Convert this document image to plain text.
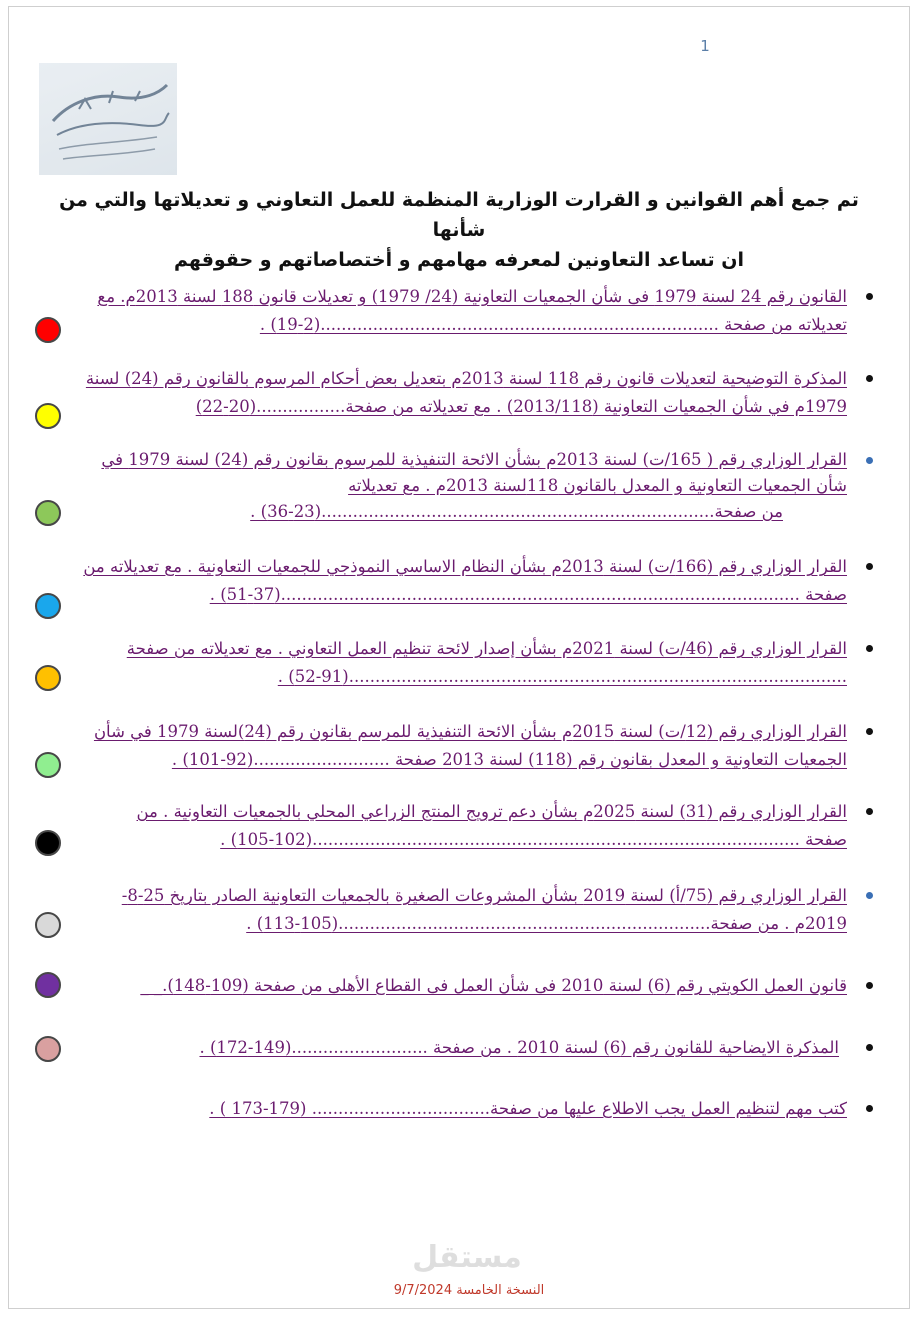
1
تم جمع أهم القوانين و القرارت الوزارية المنظمة للعمل التعاوني و تعديلاتها والتي من شأنها
ان تساعد التعاونين لمعرفه مهامهم و أختصاصاتهم و حقوقهم
القانون رقم 24 لسنة 1979 فى شأن الجمعيات التعاونية (24/ 1979) و تعديلات قانون 188 لسنة 2013م. مع
تعديلاته من صفحة ............................................................................(2-19) .
المذكرة التوضيحية لتعديلات قانون رقم 118 لسنة 2013م بتعديل بعض أحكام المرسوم بالقانون رقم (24) لسنة
1979م في شأن الجمعيات التعاونية (2013/118) . مع تعديلاته من صفحة.................(20-22)
القرار الوزاري رقم ( 165/ت) لسنة 2013م بشأن الائحة التنفيذية للمرسوم بقانون رقم (24) لسنة 1979 في
شأن الجمعيات التعاونية و المعدل بالقانون 118لسنة 2013م . مع تعديلاته
من صفحة...........................................................................(23-36) .
القرار الوزاري رقم (166/ت) لسنة 2013م بشأن النظام الاساسي النموذجي للجمعيات التعاونية . مع تعديلاته من
صفحة ...................................................................................................(37-51) .
القرار الوزاري رقم (46/ت) لسنة 2021م بشأن إصدار لائحة تنظيم العمل التعاوني . مع تعديلاته من صفحة
...............................................................................................(52-91) .
القرار الوزاري رقم (12/ت) لسنة 2015م بشأن الائحة التنفيذية للمرسم بقانون رقم (24)لسنة 1979 في شأن
الجمعيات التعاونية و المعدل بقانون رقم (118) لسنة 2013 صفحة ..........................(92-101) .
القرار الوزاري رقم (31) لسنة 2025م بشأن دعم ترويج المنتج الزراعي المحلي بالجمعيات التعاونية . من
صفحة .............................................................................................(102-105) .
القرار الوزاري رقم (75/أ) لسنة 2019 بشأن المشروعات الصغيرة بالجمعيات التعاونية الصادر بتاريخ 25-8-
2019م . من صفحة.......................................................................(105-113) .
قانون العمل الكويتي رقم (6) لسنة 2010 فى شأن العمل فى القطاع الأهلى من صفحة (109-148)._ _
المذكرة الايضاحية للقانون رقم (6) لسنة 2010 . من صفحة ..........................(149-172) .
كتب مهم لتنظيم العمل يجب الاطلاع عليها من صفحة.................................. (179-173 ) .
مستقل
النسخة الخامسة 9/7/2024
